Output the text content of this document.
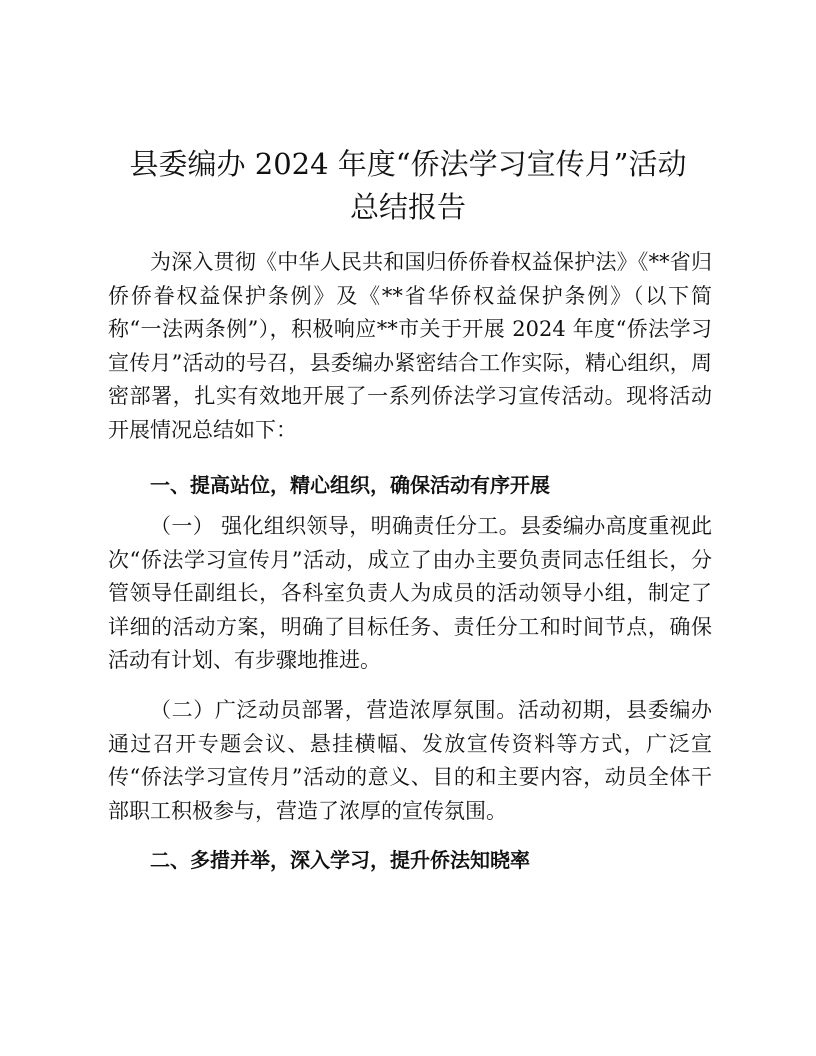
县委编办 2024 年度“侨法学习宣传月”活动
总结报告

为深入贯彻《中华人民共和国归侨侨眷权益保护法》《**省归侨侨眷权益保护条例》及《**省华侨权益保护条例》（以下简称“一法两条例”），积极响应**市关于开展 2024 年度“侨法学习宣传月”活动的号召，县委编办紧密结合工作实际，精心组织，周密部署，扎实有效地开展了一系列侨法学习宣传活动。现将活动开展情况总结如下：

一、提高站位，精心组织，确保活动有序开展

（一） 强化组织领导，明确责任分工。县委编办高度重视此次“侨法学习宣传月”活动，成立了由办主要负责同志任组长，分管领导任副组长，各科室负责人为成员的活动领导小组，制定了详细的活动方案，明确了目标任务、责任分工和时间节点，确保活动有计划、有步骤地推进。

（二）广泛动员部署，营造浓厚氛围。活动初期，县委编办通过召开专题会议、悬挂横幅、发放宣传资料等方式，广泛宣传“侨法学习宣传月”活动的意义、目的和主要内容，动员全体干部职工积极参与，营造了浓厚的宣传氛围。

二、多措并举，深入学习，提升侨法知晓率
